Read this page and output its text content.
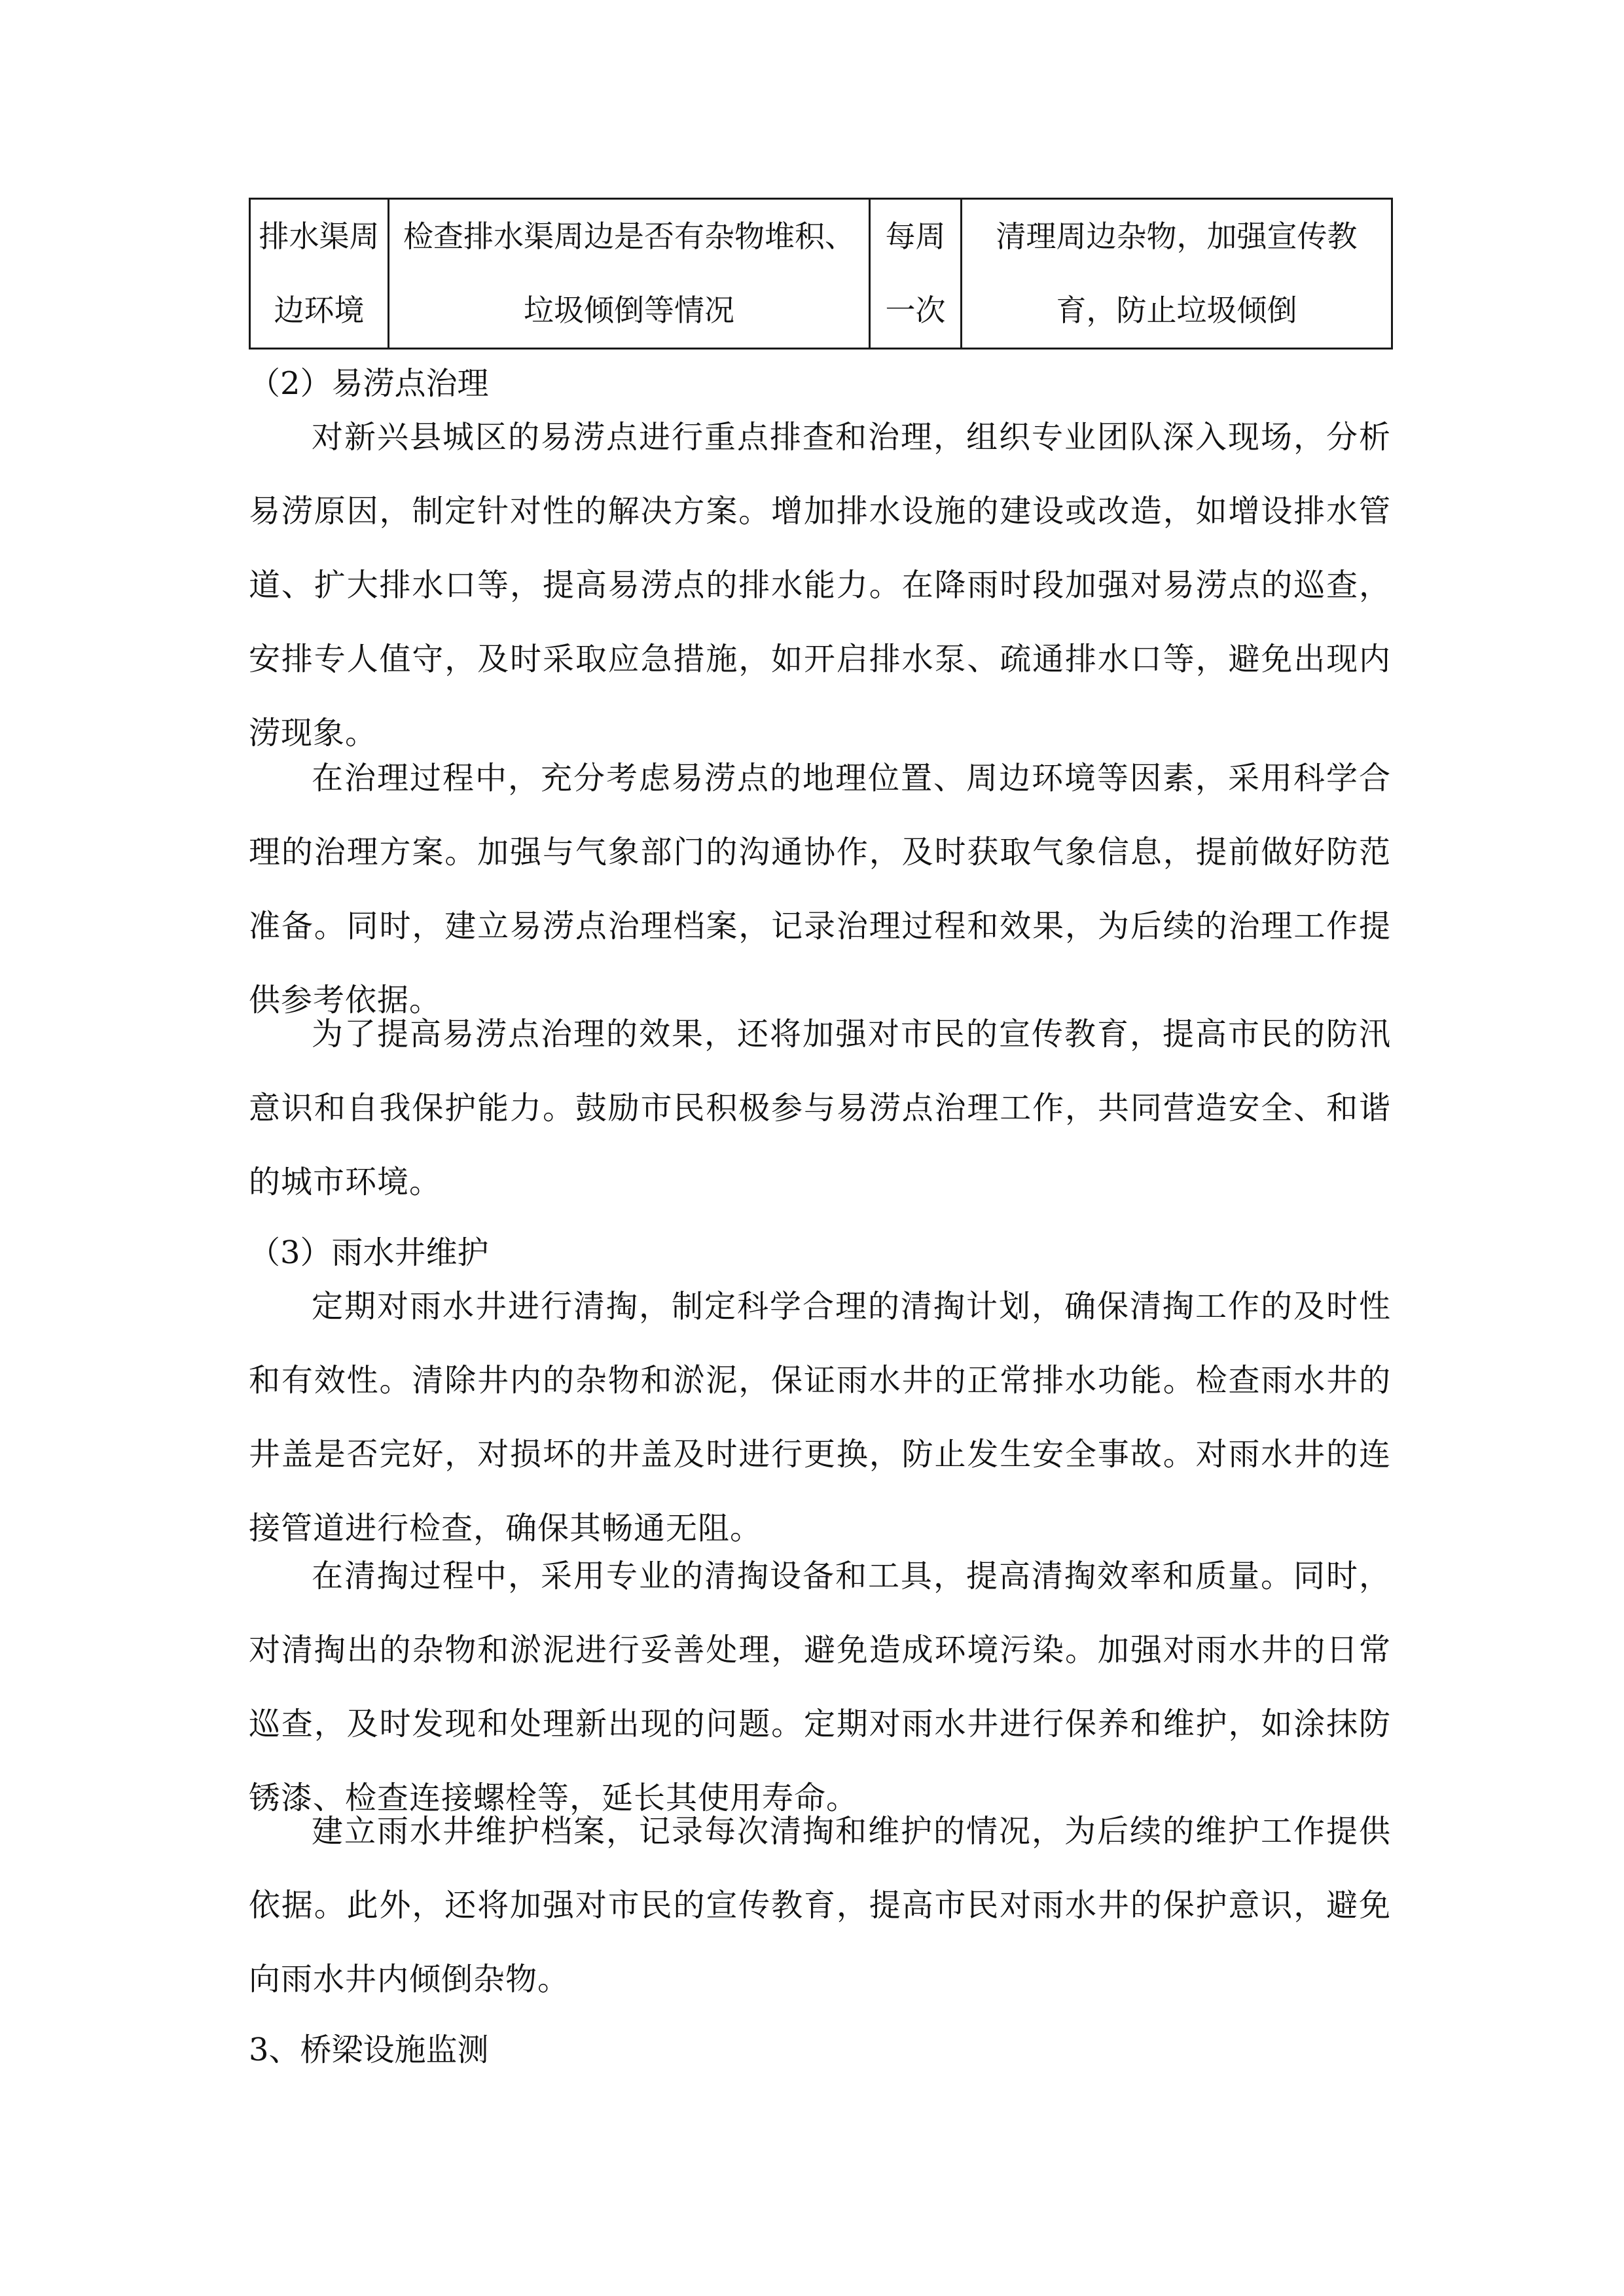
排水渠周边环境	检查排水渠周边是否有杂物堆积、垃圾倾倒等情况	每周一次	清理周边杂物，加强宣传教育，防止垃圾倾倒
（2）易涝点治理

对新兴县城区的易涝点进行重点排查和治理，组织专业团队深入现场，分析易涝原因，制定针对性的解决方案。增加排水设施的建设或改造，如增设排水管道、扩大排水口等，提高易涝点的排水能力。在降雨时段加强对易涝点的巡查，安排专人值守，及时采取应急措施，如开启排水泵、疏通排水口等，避免出现内涝现象。

在治理过程中，充分考虑易涝点的地理位置、周边环境等因素，采用科学合理的治理方案。加强与气象部门的沟通协作，及时获取气象信息，提前做好防范准备。同时，建立易涝点治理档案，记录治理过程和效果，为后续的治理工作提供参考依据。

为了提高易涝点治理的效果，还将加强对市民的宣传教育，提高市民的防汛意识和自我保护能力。鼓励市民积极参与易涝点治理工作，共同营造安全、和谐的城市环境。

（3）雨水井维护

定期对雨水井进行清掏，制定科学合理的清掏计划，确保清掏工作的及时性和有效性。清除井内的杂物和淤泥，保证雨水井的正常排水功能。检查雨水井的井盖是否完好，对损坏的井盖及时进行更换，防止发生安全事故。对雨水井的连接管道进行检查，确保其畅通无阻。

在清掏过程中，采用专业的清掏设备和工具，提高清掏效率和质量。同时，对清掏出的杂物和淤泥进行妥善处理，避免造成环境污染。加强对雨水井的日常巡查，及时发现和处理新出现的问题。定期对雨水井进行保养和维护，如涂抹防锈漆、检查连接螺栓等，延长其使用寿命。

建立雨水井维护档案，记录每次清掏和维护的情况，为后续的维护工作提供依据。此外，还将加强对市民的宣传教育，提高市民对雨水井的保护意识，避免向雨水井内倾倒杂物。

3、桥梁设施监测
